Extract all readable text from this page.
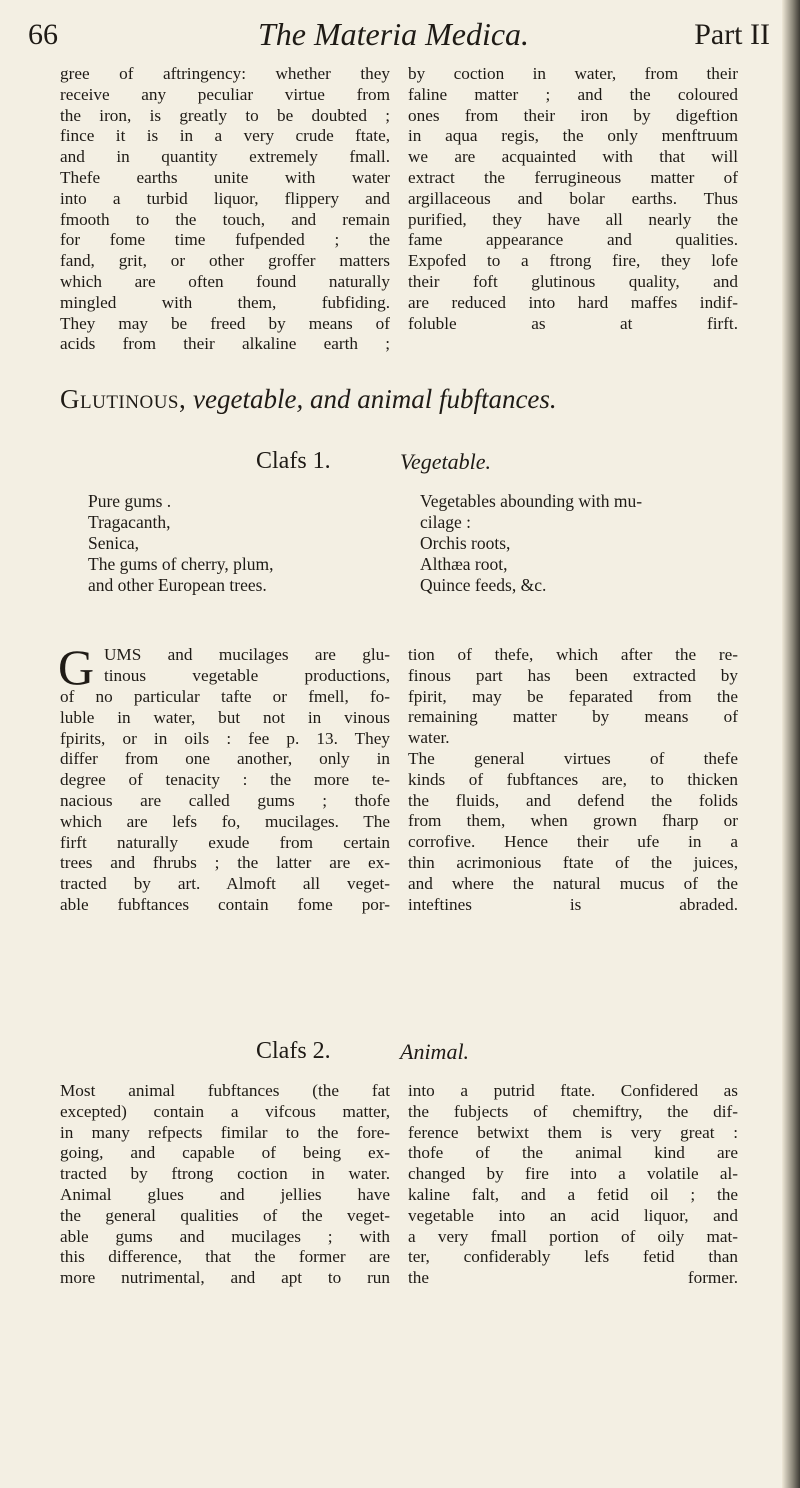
66	The Materia Medica.	Part II
gree of aftringency: whether they
receive any peculiar virtue from
the iron, is greatly to be doubted ;
fince it is in a very crude ftate,
and in quantity extremely fmall.
Thefe earths unite with water
into a turbid liquor, flippery and
fmooth to the touch, and remain
for fome time fufpended ; the
fand, grit, or other groffer matters
which are often found naturally
mingled with them, fubfiding.
They may be freed by means of
acids from their alkaline earth ;
by coction in water, from their
faline matter ; and the coloured
ones from their iron by digeftion
in aqua regis, the only menftruum
we are acquainted with that will
extract the ferrugineous matter of
argillaceous and bolar earths. Thus
purified, they have all nearly the
fame appearance and qualities.
Expofed to a ftrong fire, they lofe
their foft glutinous quality, and
are reduced into hard maffes indif-
foluble as at firft.
Glutinous, vegetable, and animal fubftances.
Clafs 1.	Vegetable.
Pure gums .
Tragacanth,
Senica,
The gums of cherry, plum,
and other European trees.
Vegetables abounding with mu-
cilage :
Orchis roots,
Althæa root,
Quince feeds, &c.
G UMS and mucilages are glu-
tinous vegetable productions,
of no particular tafte or fmell, fo-
luble in water, but not in vinous
fpirits, or in oils : fee p. 13. They
differ from one another, only in
degree of tenacity : the more te-
nacious are called gums ; thofe
which are lefs fo, mucilages. The
firft naturally exude from certain
trees and fhrubs ; the latter are ex-
tracted by art. Almoft all veget-
able fubftances contain fome por-
tion of thefe, which after the re-
finous part has been extracted by
fpirit, may be feparated from the
remaining matter by means of
water.
The general virtues of thefe
kinds of fubftances are, to thicken
the fluids, and defend the folids
from them, when grown fharp or
corrofive. Hence their ufe in a
thin acrimonious ftate of the juices,
and where the natural mucus of the
inteftines is abraded.
Clafs 2.	Animal.
Most animal fubftances (the fat
excepted) contain a vifcous matter,
in many refpects fimilar to the fore-
going, and capable of being ex-
tracted by ftrong coction in water.
Animal glues and jellies have
the general qualities of the veget-
able gums and mucilages ; with
this difference, that the former are
more nutrimental, and apt to run
into a putrid ftate. Confidered as
the fubjects of chemiftry, the dif-
ference betwixt them is very great :
thofe of the animal kind are
changed by fire into a volatile al-
kaline falt, and a fetid oil ; the
vegetable into an acid liquor, and
a very fmall portion of oily mat-
ter, confiderably lefs fetid than
the former.
